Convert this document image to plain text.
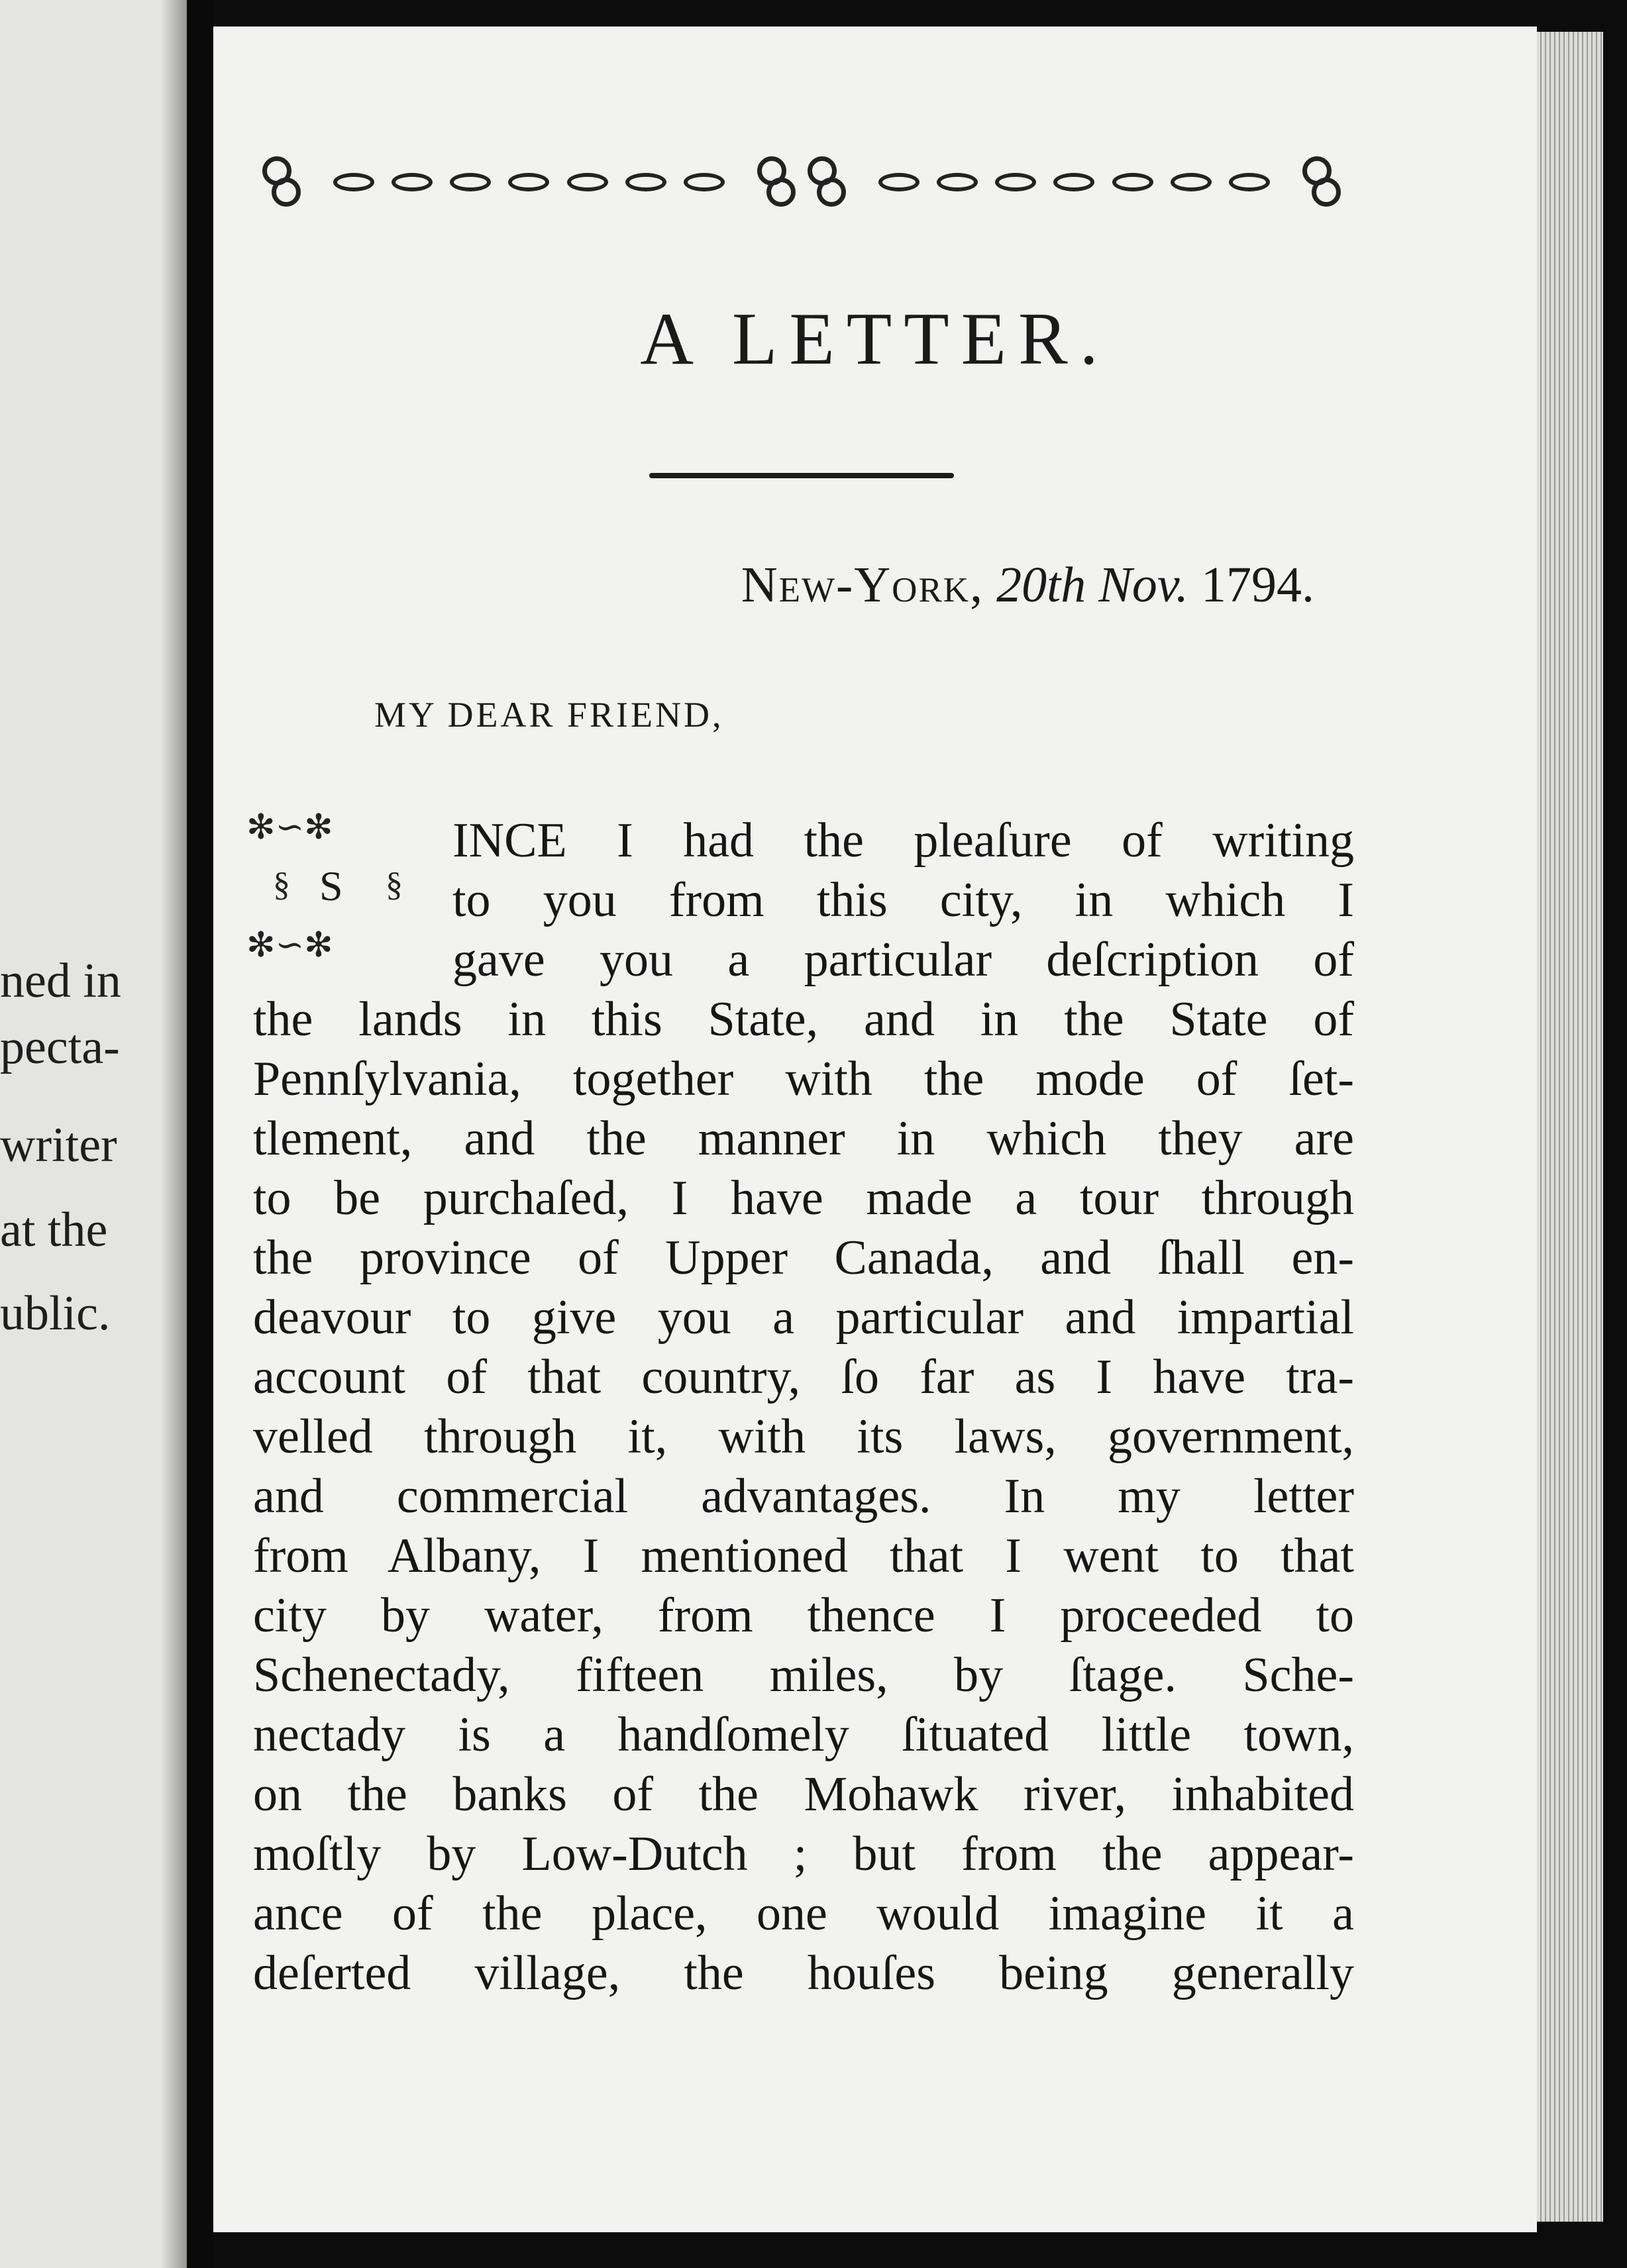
ned in
pecta-
writer
at the
ublic.
A LETTER.
New-York, 20th Nov. 1794.
MY DEAR FRIEND,
✻∽✻
§ S §
✻∽✻
INCE I had the pleaſure of writing
to you from this city, in which I
gave you a particular deſcription of
the lands in this State, and in the State of
Pennſylvania, together with the mode of ſet-
tlement, and the manner in which they are
to be purchaſed, I have made a tour through
the province of Upper Canada, and ſhall en-
deavour to give you a particular and impartial
account of that country, ſo far as I have tra-
velled through it, with its laws, government,
and commercial advantages. In my letter
from Albany, I mentioned that I went to that
city by water, from thence I proceeded to
Schenectady, fifteen miles, by ſtage. Sche-
nectady is a handſomely ſituated little town,
on the banks of the Mohawk river, inhabited
moſtly by Low-Dutch ; but from the appear-
ance of the place, one would imagine it a
deſerted village, the houſes being generally
